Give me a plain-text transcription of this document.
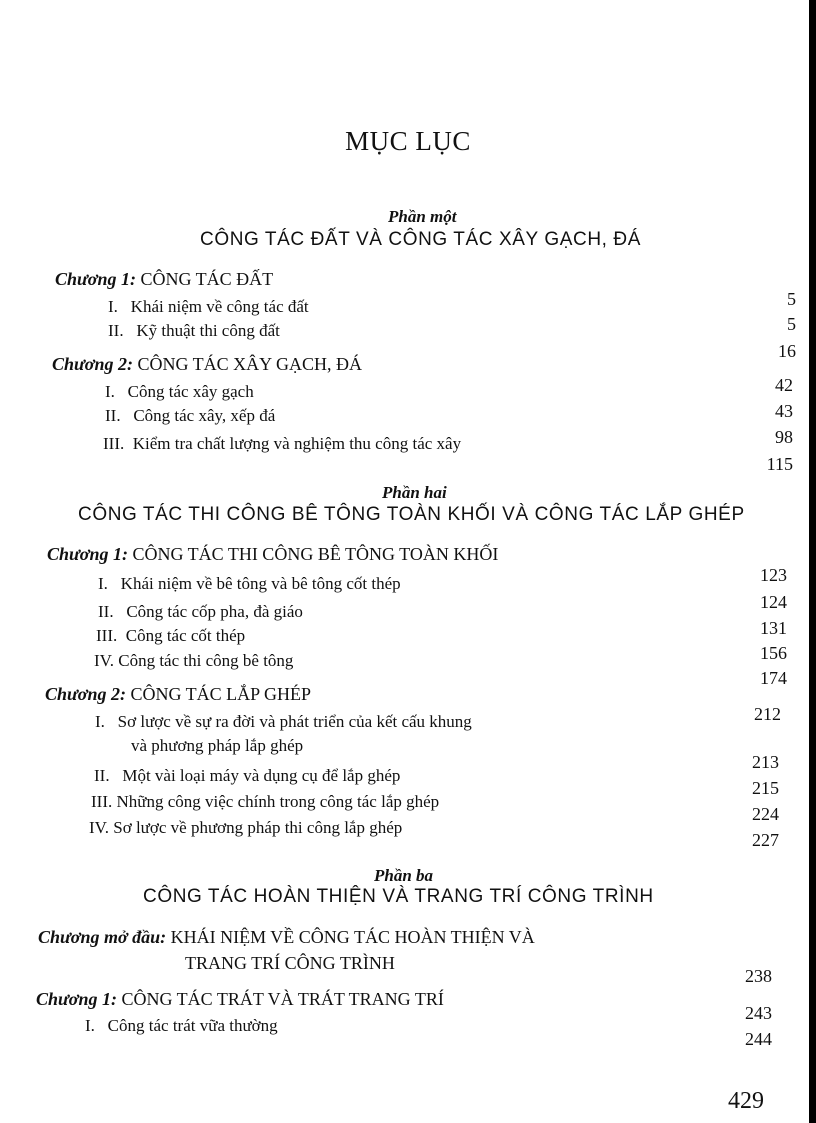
MỤC LỤC
Phần một
CÔNG TÁC ĐẤT VÀ CÔNG TÁC XÂY GẠCH, ĐÁ
Chương 1: CÔNG TÁC ĐẤT
I. Khái niệm về công tác đất
II. Kỹ thuật thi công đất
Chương 2: CÔNG TÁC XÂY GẠCH, ĐÁ
I. Công tác xây gạch
II. Công tác xây, xếp đá
III. Kiểm tra chất lượng và nghiệm thu công tác xây
Phần hai
CÔNG TÁC THI CÔNG BÊ TÔNG TOÀN KHỐI VÀ CÔNG TÁC LẮP GHÉP
Chương 1: CÔNG TÁC THI CÔNG BÊ TÔNG TOÀN KHỐI
I. Khái niệm về bê tông và bê tông cốt thép
II. Công tác cốp pha, đà giáo
III. Công tác cốt thép
IV. Công tác thi công bê tông
Chương 2: CÔNG TÁC LẮP GHÉP
I. Sơ lược về sự ra đời và phát triển của kết cấu khung
và phương pháp lắp ghép
II. Một vài loại máy và dụng cụ để lắp ghép
III. Những công việc chính trong công tác lắp ghép
IV. Sơ lược về phương pháp thi công lắp ghép
Phần ba
CÔNG TÁC HOÀN THIỆN VÀ TRANG TRÍ CÔNG TRÌNH
Chương mở đầu: KHÁI NIỆM VỀ CÔNG TÁC HOÀN THIỆN VÀ
TRANG TRÍ CÔNG TRÌNH
Chương 1: CÔNG TÁC TRÁT VÀ TRÁT TRANG TRÍ
I. Công tác trát vữa thường
5
5
16
42
43
98
115
123
124
131
156
174
212
213
215
224
227
238
243
244
429
